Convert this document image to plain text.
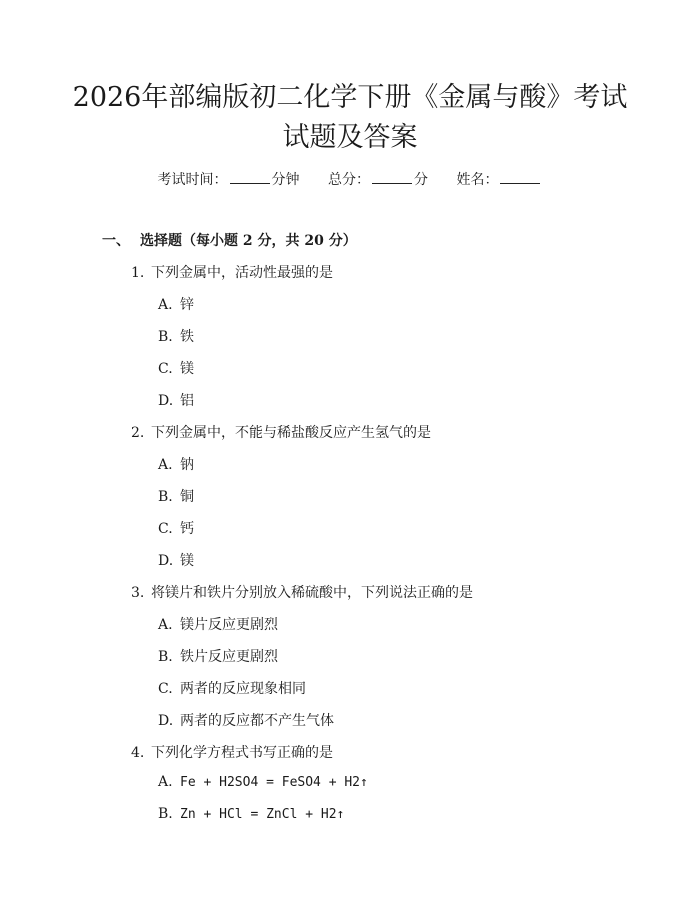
2026年部编版初二化学下册《金属与酸》考试试题及答案
考试时间：	分钟 总分：	分 姓名：
一、 选择题（每小题 2 分，共 20 分）
1. 下列金属中，活动性最强的是
A. 锌
B. 铁
C. 镁
D. 铝
2. 下列金属中，不能与稀盐酸反应产生氢气的是
A. 钠
B. 铜
C. 钙
D. 镁
3. 将镁片和铁片分别放入稀硫酸中，下列说法正确的是
A. 镁片反应更剧烈
B. 铁片反应更剧烈
C. 两者的反应现象相同
D. 两者的反应都不产生气体
4. 下列化学方程式书写正确的是
A. Fe + H2SO4 = FeSO4 + H2↑
B. Zn + HCl = ZnCl + H2↑
